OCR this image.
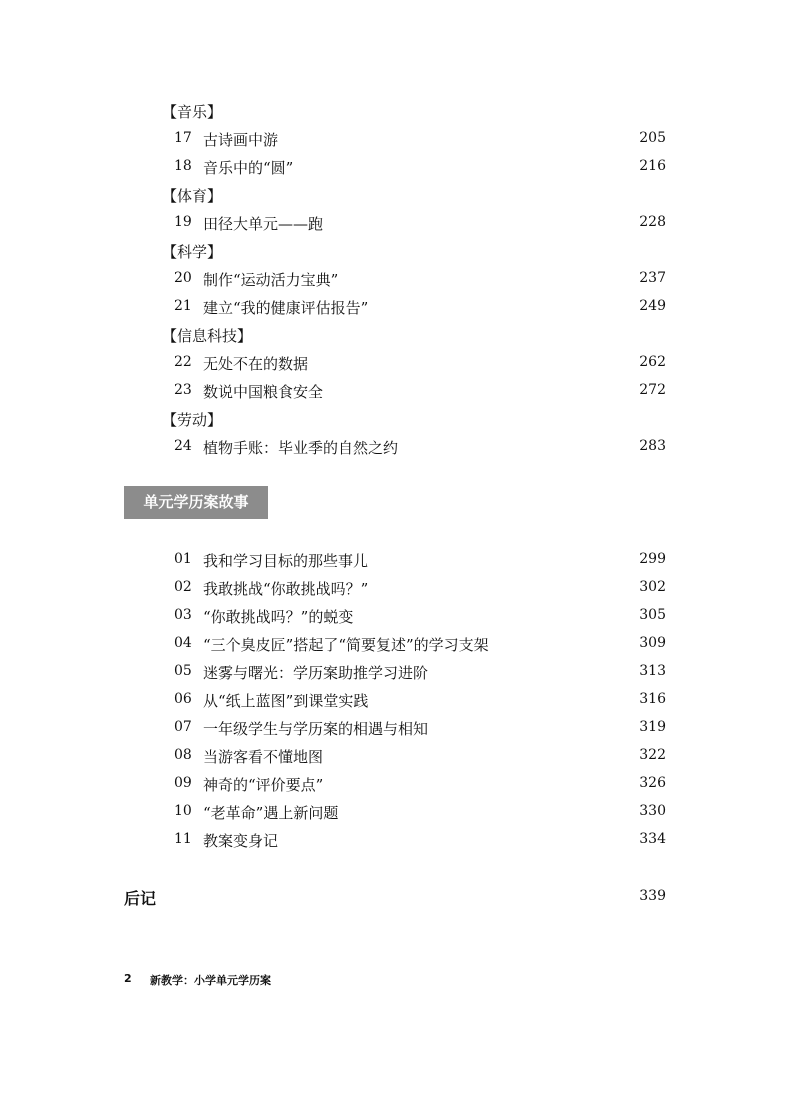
【音乐】
17 古诗画中游	205
18 音乐中的“圆”	216
【体育】
19 田径大单元——跑	228
【科学】
20 制作“运动活力宝典”	237
21 建立“我的健康评估报告”	249
【信息科技】
22 无处不在的数据	262
23 数说中国粮食安全	272
【劳动】
24 植物手账：毕业季的自然之约	283
单元学历案故事
01 我和学习目标的那些事儿	299
02 我敢挑战“你敢挑战吗？”	302
03 “你敢挑战吗？”的蜕变	305
04 “三个臭皮匠”搭起了“简要复述”的学习支架	309
05 迷雾与曙光：学历案助推学习进阶	313
06 从“纸上蓝图”到课堂实践	316
07 一年级学生与学历案的相遇与相知	319
08 当游客看不懂地图	322
09 神奇的“评价要点”	326
10 “老革命”遇上新问题	330
11 教案变身记	334
后记	339
2 新教学：小学单元学历案
